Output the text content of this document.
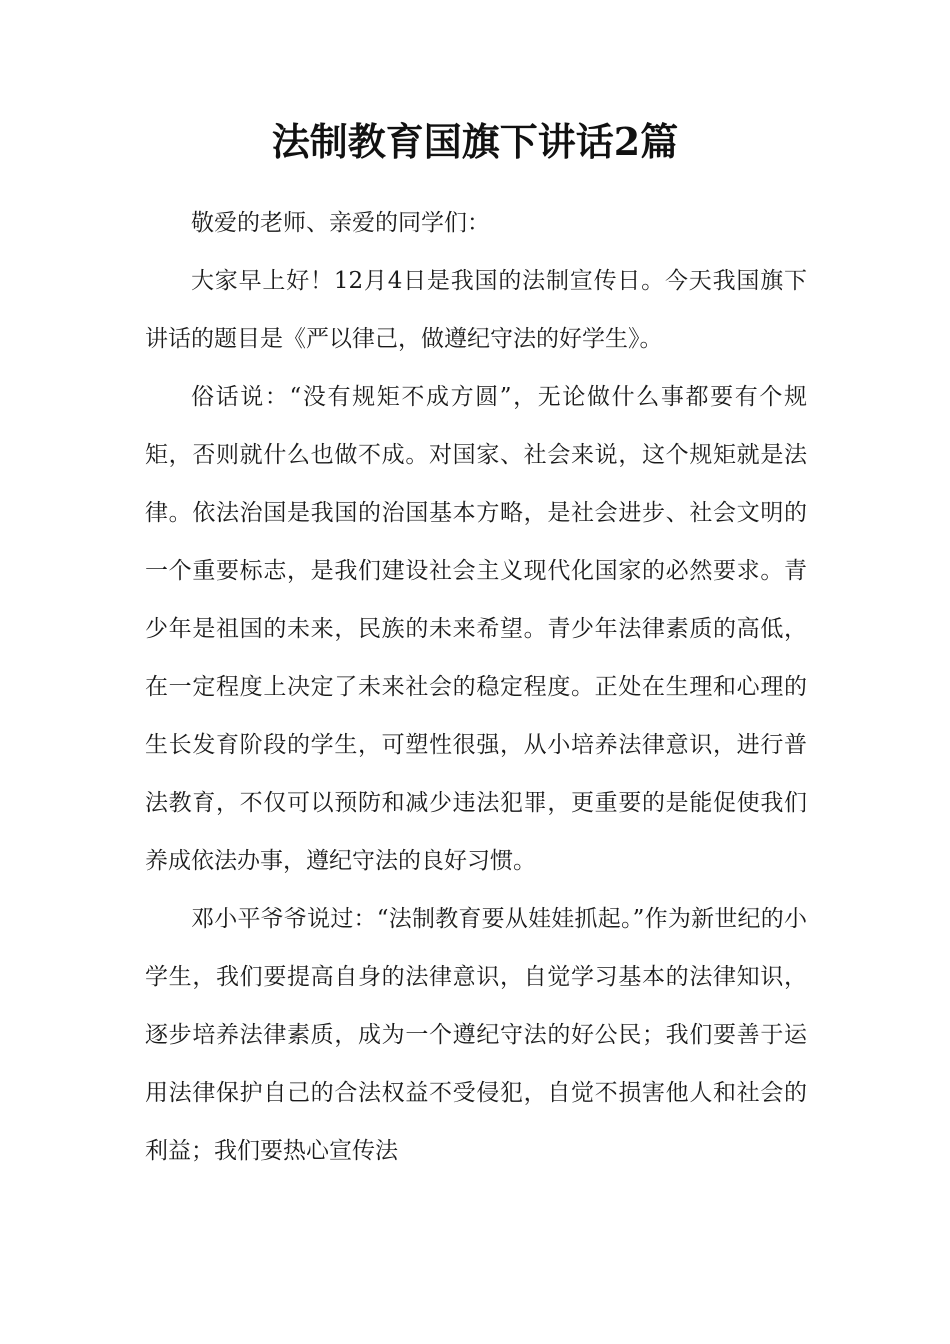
法制教育国旗下讲话2篇

敬爱的老师、亲爱的同学们：

大家早上好！12月4日是我国的法制宣传日。今天我国旗下讲话的题目是《严以律己，做遵纪守法的好学生》。

俗话说：“没有规矩不成方圆”，无论做什么事都要有个规矩，否则就什么也做不成。对国家、社会来说，这个规矩就是法律。依法治国是我国的治国基本方略，是社会进步、社会文明的一个重要标志，是我们建设社会主义现代化国家的必然要求。青少年是祖国的未来，民族的未来希望。青少年法律素质的高低，在一定程度上决定了未来社会的稳定程度。正处在生理和心理的生长发育阶段的学生，可塑性很强，从小培养法律意识，进行普法教育，不仅可以预防和减少违法犯罪，更重要的是能促使我们养成依法办事，遵纪守法的良好习惯。

邓小平爷爷说过：“法制教育要从娃娃抓起。”作为新世纪的小学生，我们要提高自身的法律意识，自觉学习基本的法律知识，逐步培养法律素质，成为一个遵纪守法的好公民；我们要善于运用法律保护自己的合法权益不受侵犯，自觉不损害他人和社会的利益；我们要热心宣传法
